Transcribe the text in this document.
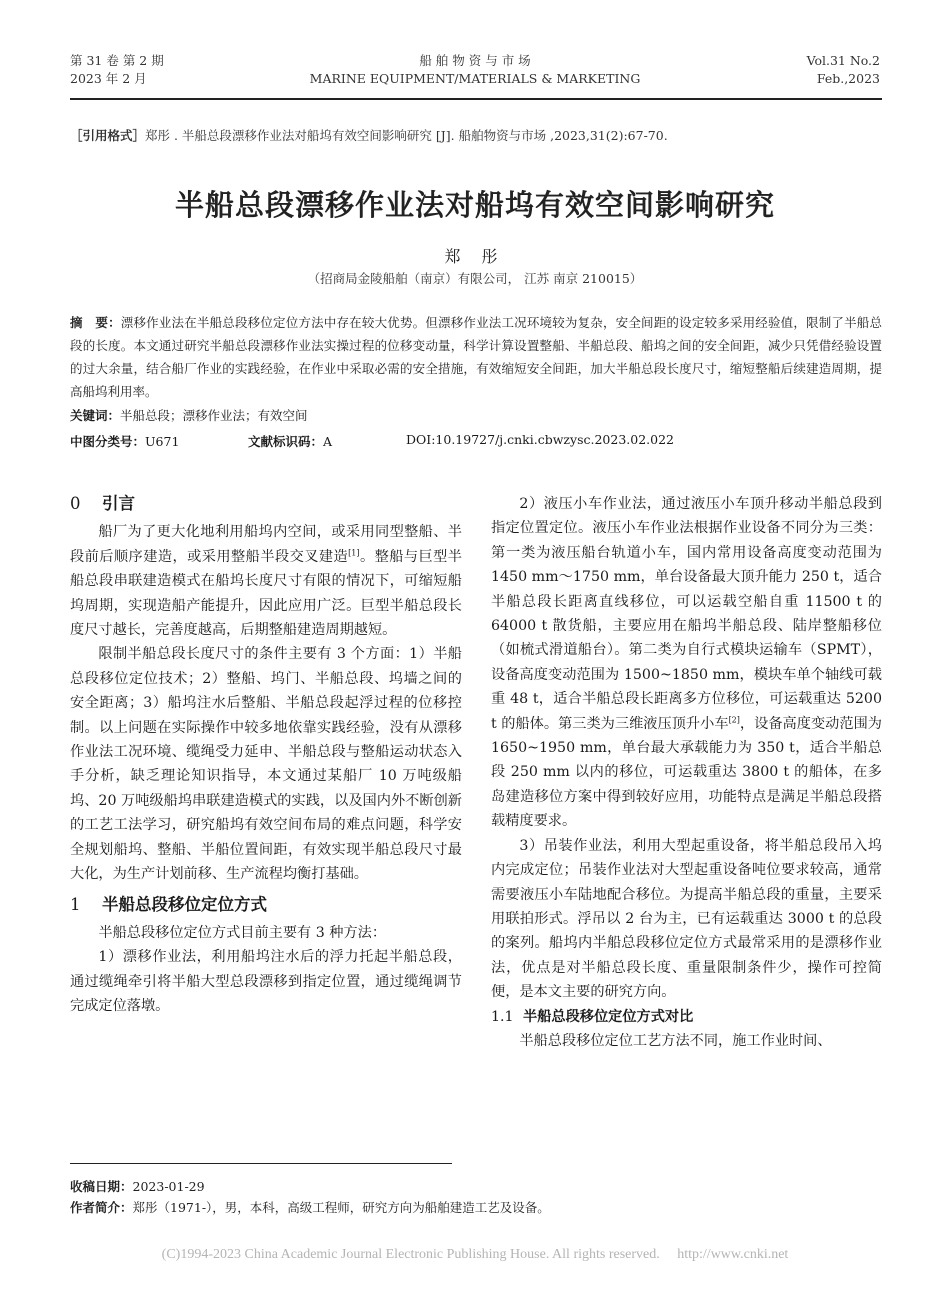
第 31 卷 第 2 期
2023 年 2 月
船 舶 物 资 与 市 场
MARINE EQUIPMENT/MATERIALS & MARKETING
Vol.31 No.2
Feb.,2023
［引用格式］郑彤 . 半船总段漂移作业法对船坞有效空间影响研究 [J]. 船舶物资与市场 ,2023,31(2):67-70.
半船总段漂移作业法对船坞有效空间影响研究
郑 彤
（招商局金陵船舶（南京）有限公司， 江苏 南京 210015）
摘　要：漂移作业法在半船总段移位定位方法中存在较大优势。但漂移作业法工况环境较为复杂，安全间距的设定较多采用经验值，限制了半船总段的长度。本文通过研究半船总段漂移作业法实操过程的位移变动量，科学计算设置整船、半船总段、船坞之间的安全间距，减少只凭借经验设置的过大余量，结合船厂作业的实践经验，在作业中采取必需的安全措施，有效缩短安全间距，加大半船总段长度尺寸，缩短整船后续建造周期，提高船坞利用率。
关键词：半船总段；漂移作业法；有效空间
中图分类号：U671	文献标识码：A	DOI:10.19727/j.cnki.cbwzysc.2023.02.022
0 引言

船厂为了更大化地利用船坞内空间，或采用同型整船、半段前后顺序建造，或采用整船半段交叉建造[1]。整船与巨型半船总段串联建造模式在船坞长度尺寸有限的情况下，可缩短船坞周期，实现造船产能提升，因此应用广泛。巨型半船总段长度尺寸越长，完善度越高，后期整船建造周期越短。

限制半船总段长度尺寸的条件主要有 3 个方面：1）半船总段移位定位技术；2）整船、坞门、半船总段、坞墙之间的安全距离；3）船坞注水后整船、半船总段起浮过程的位移控制。以上问题在实际操作中较多地依靠实践经验，没有从漂移作业法工况环境、缆绳受力延申、半船总段与整船运动状态入手分析，缺乏理论知识指导，本文通过某船厂 10 万吨级船坞、20 万吨级船坞串联建造模式的实践，以及国内外不断创新的工艺工法学习，研究船坞有效空间布局的难点问题，科学安全规划船坞、整船、半船位置间距，有效实现半船总段尺寸最大化，为生产计划前移、生产流程均衡打基础。

1 半船总段移位定位方式

半船总段移位定位方式目前主要有 3 种方法：

1）漂移作业法，利用船坞注水后的浮力托起半船总段，通过缆绳牵引将半船大型总段漂移到指定位置，通过缆绳调节完成定位落墩。

2）液压小车作业法，通过液压小车顶升移动半船总段到指定位置定位。液压小车作业法根据作业设备不同分为三类：第一类为液压船台轨道小车，国内常用设备高度变动范围为 1450 mm～1750 mm，单台设备最大顶升能力 250 t，适合半船总段长距离直线移位，可以运载空船自重 11500 t 的 64000 t 散货船，主要应用在船坞半船总段、陆岸整船移位（如梳式滑道船台）。第二类为自行式模块运输车（SPMT），设备高度变动范围为 1500~1850 mm，模块车单个轴线可载重 48 t，适合半船总段长距离多方位移位，可运载重达 5200 t 的船体。第三类为三维液压顶升小车[2]，设备高度变动范围为 1650~1950 mm，单台最大承载能力为 350 t，适合半船总段 250 mm 以内的移位，可运载重达 3800 t 的船体，在多岛建造移位方案中得到较好应用，功能特点是满足半船总段搭载精度要求。

3）吊装作业法，利用大型起重设备，将半船总段吊入坞内完成定位；吊装作业法对大型起重设备吨位要求较高，通常需要液压小车陆地配合移位。为提高半船总段的重量，主要采用联拍形式。浮吊以 2 台为主，已有运载重达 3000 t 的总段的案列。船坞内半船总段移位定位方式最常采用的是漂移作业法，优点是对半船总段长度、重量限制条件少，操作可控简便，是本文主要的研究方向。

1.1 半船总段移位定位方式对比

半船总段移位定位工艺方法不同，施工作业时间、

收稿日期：2023-01-29
作者简介：郑彤（1971-），男，本科，高级工程师，研究方向为船舶建造工艺及设备。
(C)1994-2023 China Academic Journal Electronic Publishing House. All rights reserved.　 http://www.cnki.net
